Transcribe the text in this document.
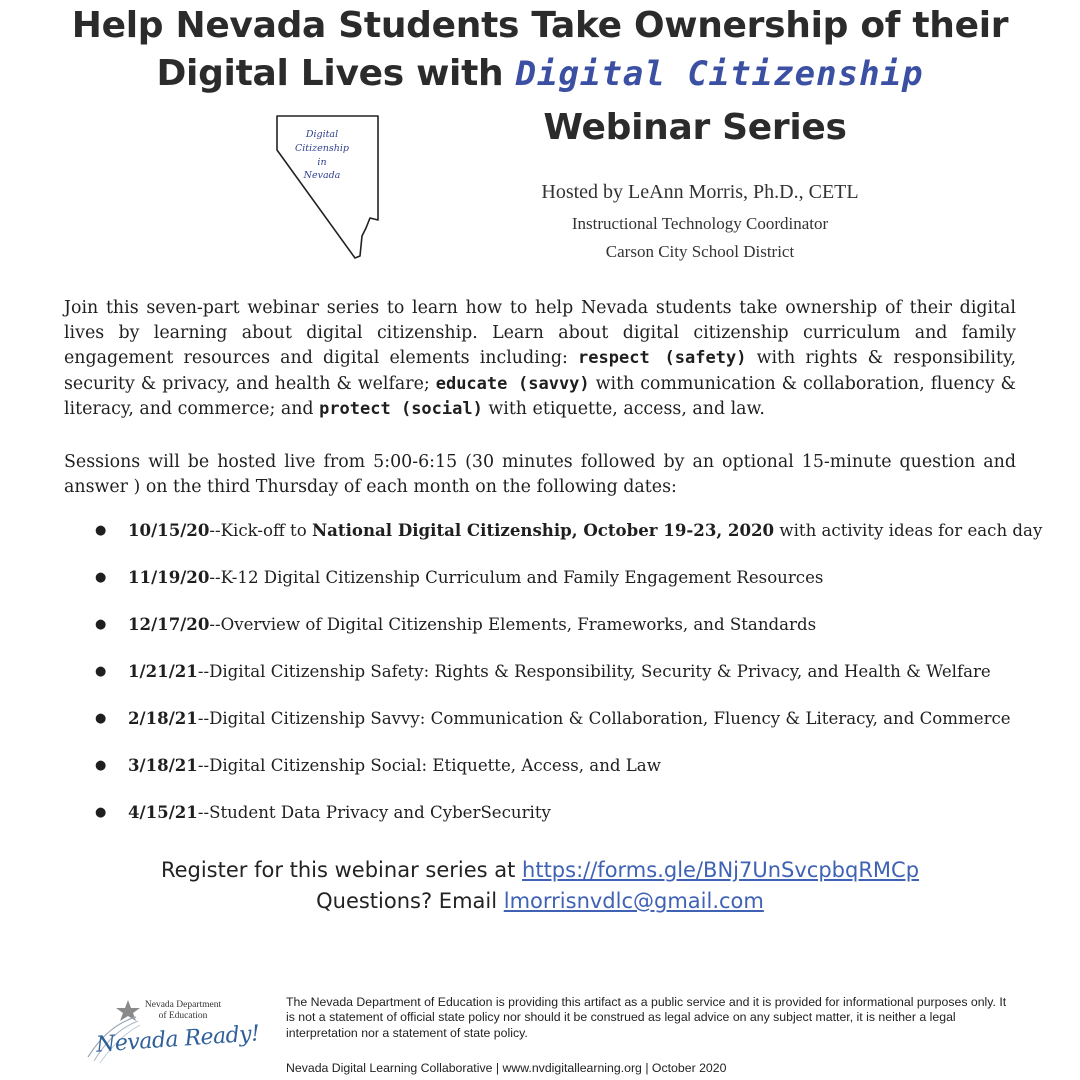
Help Nevada Students Take Ownership of their
Digital Lives with Digital Citizenship
Webinar Series
Digital
Citizenship
in
Nevada
Hosted by LeAnn Morris, Ph.D., CETL
Instructional Technology Coordinator
Carson City School District
Join this seven-part webinar series to learn how to help Nevada students take ownership of their digital lives by learning about digital citizenship. Learn about digital citizenship curriculum and family engagement resources and digital elements including: respect (safety) with rights & responsibility, security & privacy, and health & welfare; educate (savvy) with communication & collaboration, fluency & literacy, and commerce; and protect (social) with etiquette, access, and law.
Sessions will be hosted live from 5:00-6:15 (30 minutes followed by an optional 15-minute question and answer ) on the third Thursday of each month on the following dates:
● 10/15/20--Kick-off to National Digital Citizenship, October 19-23, 2020 with activity ideas for each day
● 11/19/20--K-12 Digital Citizenship Curriculum and Family Engagement Resources
● 12/17/20--Overview of Digital Citizenship Elements, Frameworks, and Standards
● 1/21/21--Digital Citizenship Safety: Rights & Responsibility, Security & Privacy, and Health & Welfare
● 2/18/21--Digital Citizenship Savvy: Communication & Collaboration, Fluency & Literacy, and Commerce
● 3/18/21--Digital Citizenship Social: Etiquette, Access, and Law
● 4/15/21--Student Data Privacy and CyberSecurity
Register for this webinar series at https://forms.gle/BNj7UnSvcpbqRMCp
Questions? Email lmorrisnvdlc@gmail.com
Nevada Department
of Education
Nevada Ready!
The Nevada Department of Education is providing this artifact as a public service and it is provided for informational purposes only. It is not a statement of official state policy nor should it be construed as legal advice on any subject matter, it is neither a legal interpretation nor a statement of state policy.
Nevada Digital Learning Collaborative | www.nvdigitallearning.org | October 2020
